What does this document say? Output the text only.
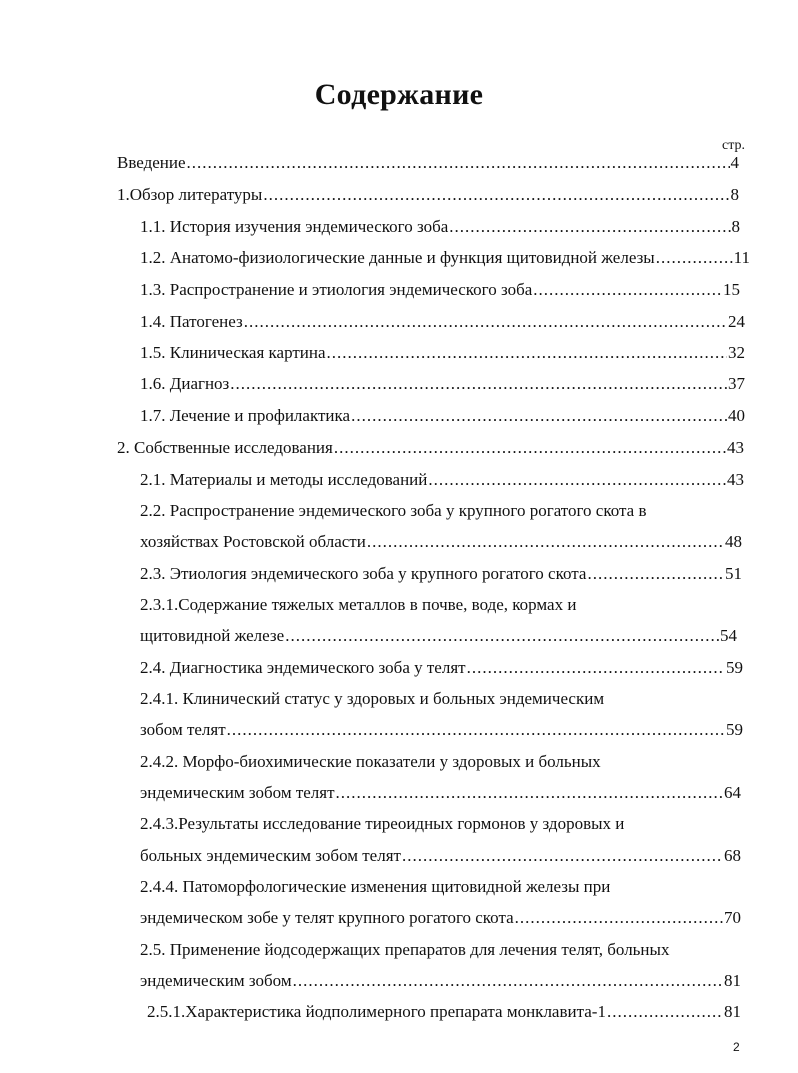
Содержание
стр.
Введение .....	4
1.Обзор литературы .....	8
1.1. История изучения эндемического зоба .....	8
1.2. Анатомо-физиологические данные и функция щитовидной железы .....	11
1.3. Распространение и этиология эндемического зоба .....	15
1.4. Патогенез .....	24
1.5. Клиническая картина .....	32
1.6. Диагноз .....	37
1.7. Лечение и профилактика .....	40
2. Собственные исследования .....	43
2.1. Материалы и методы исследований .....	43
2.2. Распространение эндемического зоба у крупного рогатого скота в
хозяйствах Ростовской области .....	48
2.3. Этиология эндемического зоба у крупного рогатого скота .....	51
2.3.1.Содержание тяжелых металлов в почве, воде, кормах и
щитовидной железе .....	54
2.4. Диагностика эндемического зоба у телят .....	59
2.4.1. Клинический статус у здоровых и больных эндемическим
зобом телят .....	59
2.4.2. Морфо-биохимические показатели у здоровых и больных
эндемическим зобом телят .....	64
2.4.3.Результаты исследование тиреоидных гормонов у здоровых и
больных эндемическим зобом телят .....	68
2.4.4. Патоморфологические изменения щитовидной железы при
эндемическом зобе у телят крупного рогатого скота .....	70
2.5. Применение йодсодержащих препаратов для лечения телят, больных
эндемическим зобом .....	81
2.5.1.Характеристика йодполимерного препарата монклавита-1 .....	81
2
